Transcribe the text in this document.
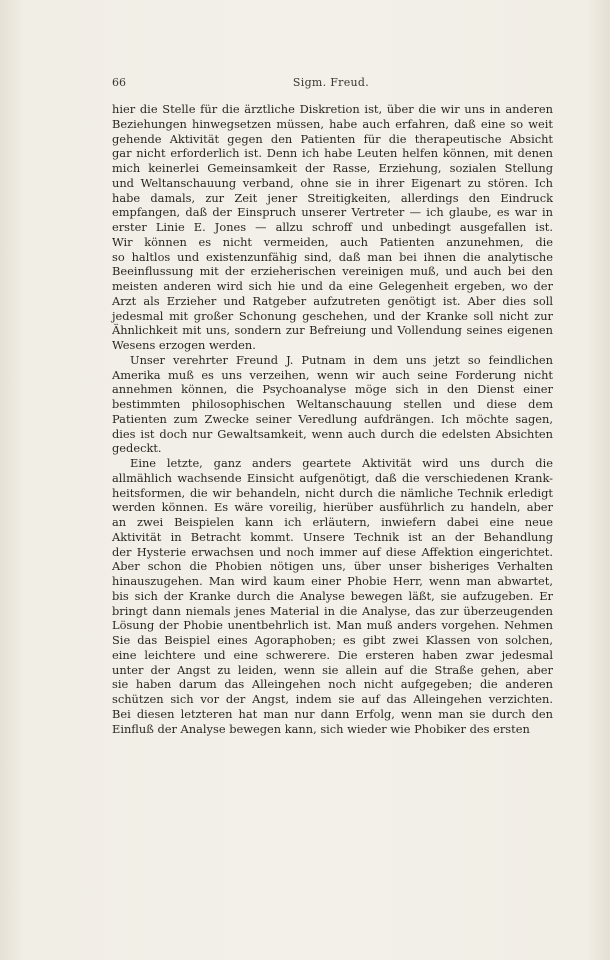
66	Sigm. Freud.
hier die Stelle für die ärztliche Diskretion ist, über die wir uns in anderen
Beziehungen hinwegsetzen müssen, habe auch erfahren, daß eine so weit
gehende Aktivität gegen den Patienten für die therapeutische Absicht
gar nicht erforderlich ist. Denn ich habe Leuten helfen können, mit denen
mich keinerlei Gemeinsamkeit der Rasse, Erziehung, sozialen Stellung
und Weltanschauung verband, ohne sie in ihrer Eigenart zu stören. Ich
habe damals, zur Zeit jener Streitigkeiten, allerdings den Eindruck
empfangen, daß der Einspruch unserer Vertreter — ich glaube, es war in
erster Linie E. Jones — allzu schroff und unbedingt ausgefallen ist.
Wir können es nicht vermeiden, auch Patienten anzunehmen, die
so haltlos und existenzunfähig sind, daß man bei ihnen die analytische
Beeinflussung mit der erzieherischen vereinigen muß, und auch bei den
meisten anderen wird sich hie und da eine Gelegenheit ergeben, wo der
Arzt als Erzieher und Ratgeber aufzutreten genötigt ist. Aber dies soll
jedesmal mit großer Schonung geschehen, und der Kranke soll nicht zur
Ähnlichkeit mit uns, sondern zur Befreiung und Vollendung seines eigenen
Wesens erzogen werden.
Unser verehrter Freund J. Putnam in dem uns jetzt so feindlichen
Amerika muß es uns verzeihen, wenn wir auch seine Forderung nicht
annehmen können, die Psychoanalyse möge sich in den Dienst einer
bestimmten philosophischen Weltanschauung stellen und diese dem
Patienten zum Zwecke seiner Veredlung aufdrängen. Ich möchte sagen,
dies ist doch nur Gewaltsamkeit, wenn auch durch die edelsten Absichten
gedeckt.
Eine letzte, ganz anders geartete Aktivität wird uns durch die
allmählich wachsende Einsicht aufgenötigt, daß die verschiedenen Krank-
heitsformen, die wir behandeln, nicht durch die nämliche Technik erledigt
werden können. Es wäre voreilig, hierüber ausführlich zu handeln, aber
an zwei Beispielen kann ich erläutern, inwiefern dabei eine neue
Aktivität in Betracht kommt. Unsere Technik ist an der Behandlung
der Hysterie erwachsen und noch immer auf diese Affektion eingerichtet.
Aber schon die Phobien nötigen uns, über unser bisheriges Verhalten
hinauszugehen. Man wird kaum einer Phobie Herr, wenn man abwartet,
bis sich der Kranke durch die Analyse bewegen läßt, sie aufzugeben. Er
bringt dann niemals jenes Material in die Analyse, das zur überzeugenden
Lösung der Phobie unentbehrlich ist. Man muß anders vorgehen. Nehmen
Sie das Beispiel eines Agoraphoben; es gibt zwei Klassen von solchen,
eine leichtere und eine schwerere. Die ersteren haben zwar jedesmal
unter der Angst zu leiden, wenn sie allein auf die Straße gehen, aber
sie haben darum das Alleingehen noch nicht aufgegeben; die anderen
schützen sich vor der Angst, indem sie auf das Alleingehen verzichten.
Bei diesen letzteren hat man nur dann Erfolg, wenn man sie durch den
Einfluß der Analyse bewegen kann, sich wieder wie Phobiker des ersten
